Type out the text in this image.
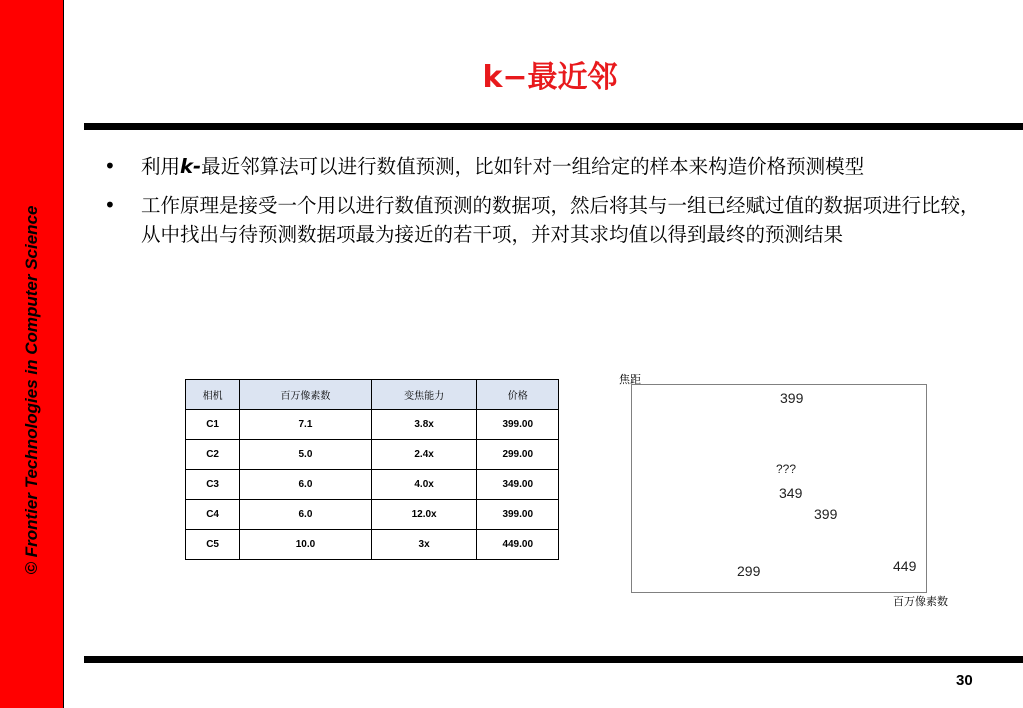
© Frontier Technologies in Computer Science
k−最近邻
•	利用k-最近邻算法可以进行数值预测，比如针对一组给定的样本来构造价格预测模型
•	工作原理是接受一个用以进行数值预测的数据项，然后将其与一组已经赋过值的数据项进行比较，从中找出与待预测数据项最为接近的若干项，并对其求均值以得到最终的预测结果
相机	百万像素数	变焦能力	价格
C1	7.1	3.8x	399.00
C2	5.0	2.4x	299.00
C3	6.0	4.0x	349.00
C4	6.0	12.0x	399.00
C5	10.0	3x	449.00
焦距
百万像素数
399
???
349
399
299	449
30
